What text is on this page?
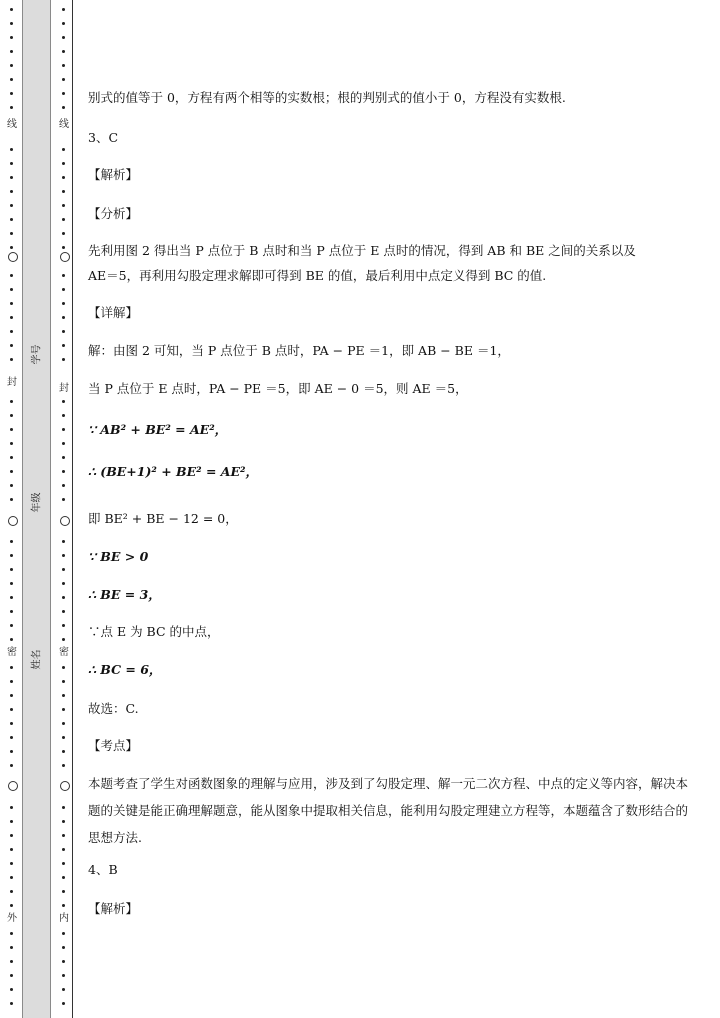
线
封
密
外
学号
年级
姓名
线
封
密
内
别式的值等于 0，方程有两个相等的实数根；根的判别式的值小于 0，方程没有实数根.
3、C
【解析】
【分析】
先利用图 2 得出当 P 点位于 B 点时和当 P 点位于 E 点时的情况，得到 AB 和 BE 之间的关系以及
AE＝5，再利用勾股定理求解即可得到 BE 的值，最后利用中点定义得到 BC 的值.
【详解】
解：由图 2 可知，当 P 点位于 B 点时，PA − PE ＝1，即 AB − BE ＝1，
当 P 点位于 E 点时，PA − PE ＝5，即 AE − 0 ＝5，则 AE ＝5，
∵ AB² + BE² = AE²，
∴ (BE+1)² + BE² = AE²，
即 BE² + BE − 12 = 0，
∵ BE > 0
∴ BE = 3，
∵点 E 为 BC 的中点，
∴ BC = 6，
故选：C.
【考点】
本题考查了学生对函数图象的理解与应用，涉及到了勾股定理、解一元二次方程、中点的定义等内容，解决本题的关键是能正确理解题意，能从图象中提取相关信息，能利用勾股定理建立方程等，本题蕴含了数形结合的思想方法.
4、B
【解析】
